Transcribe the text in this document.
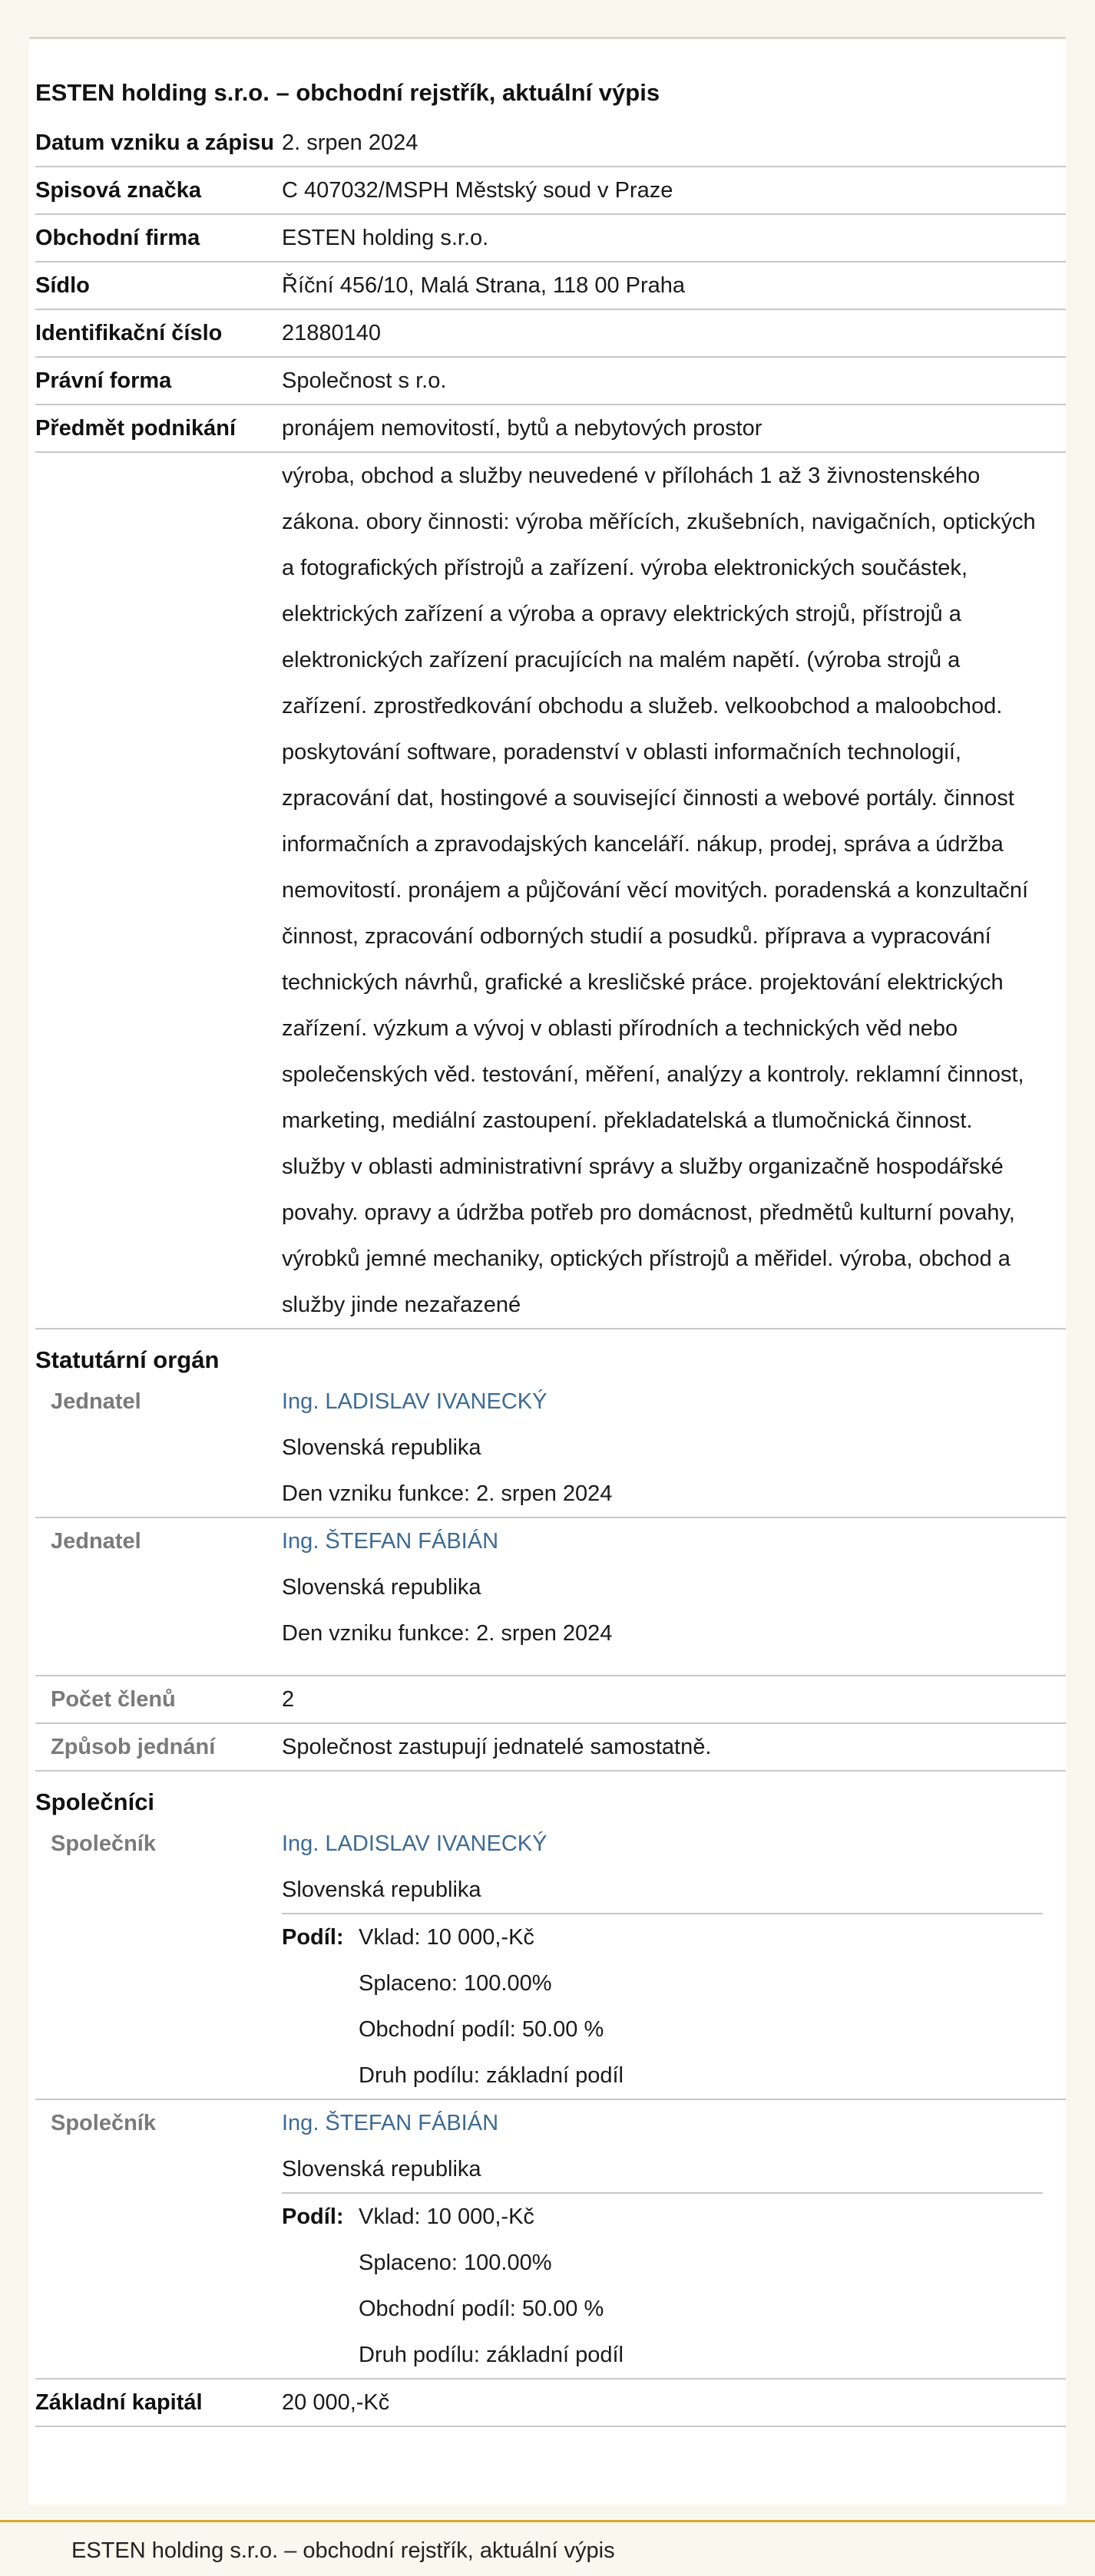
ESTEN holding s.r.o. – obchodní rejstřík, aktuální výpis
Datum vzniku a zápisu 2. srpen 2024
Spisová značka	C 407032/MSPH Městský soud v Praze
Obchodní firma	ESTEN holding s.r.o.
Sídlo	Říční 456/10, Malá Strana, 118 00 Praha
Identifikační číslo	21880140
Právní forma	Společnost s r.o.
Předmět podnikání	pronájem nemovitostí, bytů a nebytových prostor
výroba, obchod a služby neuvedené v přílohách 1 až 3 živnostenského
zákona. obory činnosti: výroba měřících, zkušebních, navigačních, optických
a fotografických přístrojů a zařízení. výroba elektronických součástek,
elektrických zařízení a výroba a opravy elektrických strojů, přístrojů a
elektronických zařízení pracujících na malém napětí. (výroba strojů a
zařízení. zprostředkování obchodu a služeb. velkoobchod a maloobchod.
poskytování software, poradenství v oblasti informačních technologií,
zpracování dat, hostingové a související činnosti a webové portály. činnost
informačních a zpravodajských kanceláří. nákup, prodej, správa a údržba
nemovitostí. pronájem a půjčování věcí movitých. poradenská a konzultační
činnost, zpracování odborných studií a posudků. příprava a vypracování
technických návrhů, grafické a kresličské práce. projektování elektrických
zařízení. výzkum a vývoj v oblasti přírodních a technických věd nebo
společenských věd. testování, měření, analýzy a kontroly. reklamní činnost,
marketing, mediální zastoupení. překladatelská a tlumočnická činnost.
služby v oblasti administrativní správy a služby organizačně hospodářské
povahy. opravy a údržba potřeb pro domácnost, předmětů kulturní povahy,
výrobků jemné mechaniky, optických přístrojů a měřidel. výroba, obchod a
služby jinde nezařazené
Statutární orgán
Jednatel	Ing. LADISLAV IVANECKÝ
Slovenská republika
Den vzniku funkce: 2. srpen 2024
Jednatel	Ing. ŠTEFAN FÁBIÁN
Slovenská republika
Den vzniku funkce: 2. srpen 2024
Počet členů	2
Způsob jednání	Společnost zastupují jednatelé samostatně.
Společníci
Společník	Ing. LADISLAV IVANECKÝ
Slovenská republika
Podíl: Vklad: 10 000,-Kč
Splaceno: 100.00%
Obchodní podíl: 50.00 %
Druh podílu: základní podíl
Společník	Ing. ŠTEFAN FÁBIÁN
Slovenská republika
Podíl: Vklad: 10 000,-Kč
Splaceno: 100.00%
Obchodní podíl: 50.00 %
Druh podílu: základní podíl
Základní kapitál	20 000,-Kč
ESTEN holding s.r.o. – obchodní rejstřík, aktuální výpis
